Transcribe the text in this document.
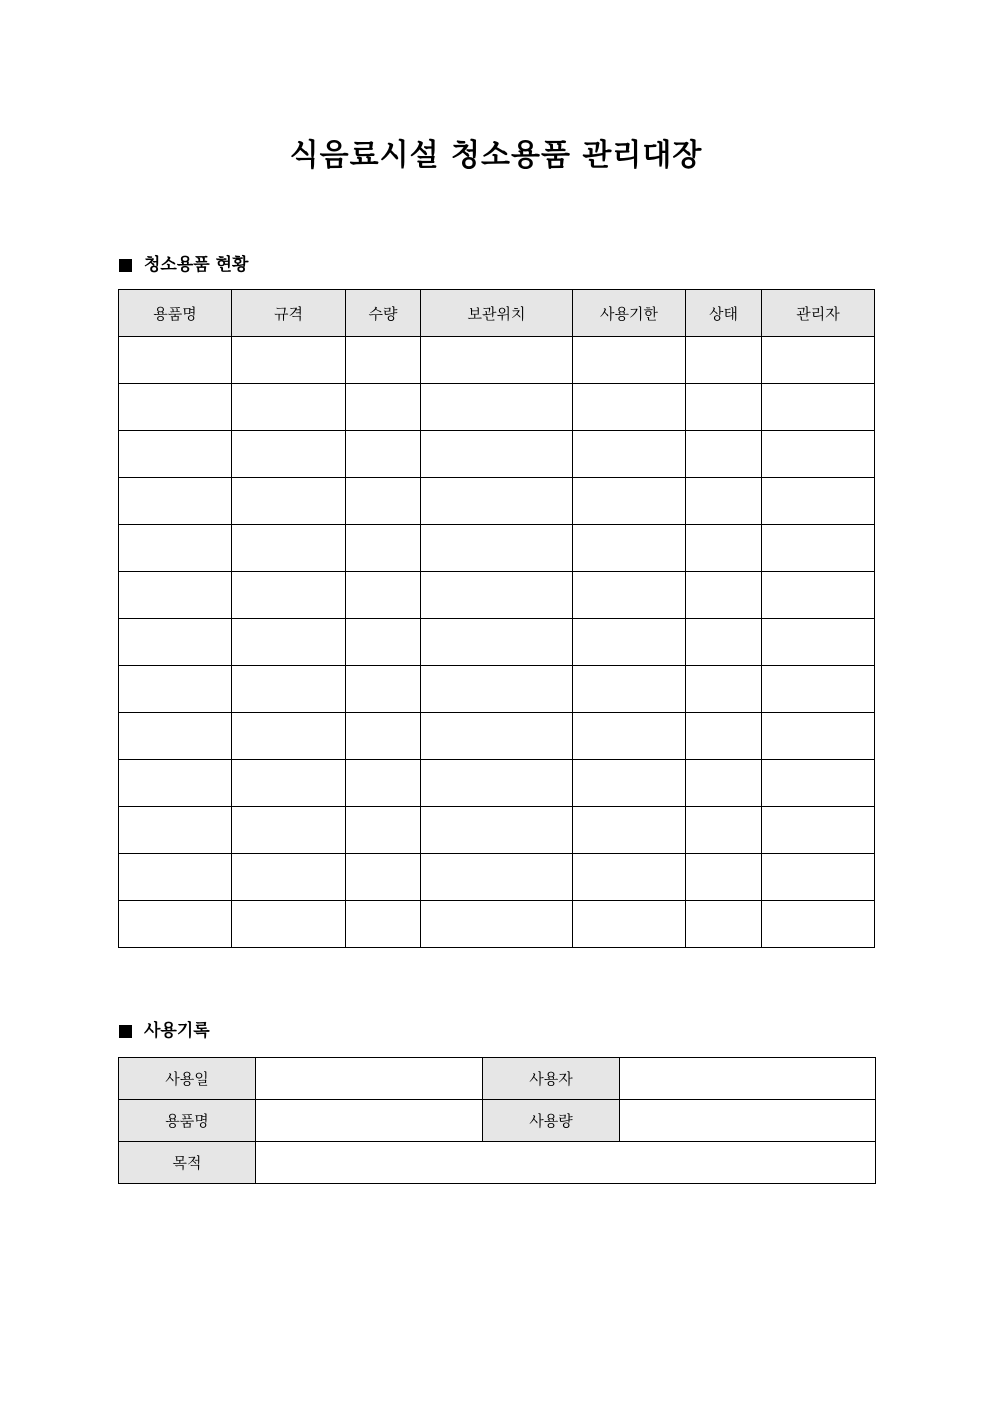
식음료시설 청소용품 관리대장
청소용품 현황
용품명	규격	수량	보관위치	사용기한	상태	관리자

사용기록
사용일		사용자	
용품명		사용량	
목적			
